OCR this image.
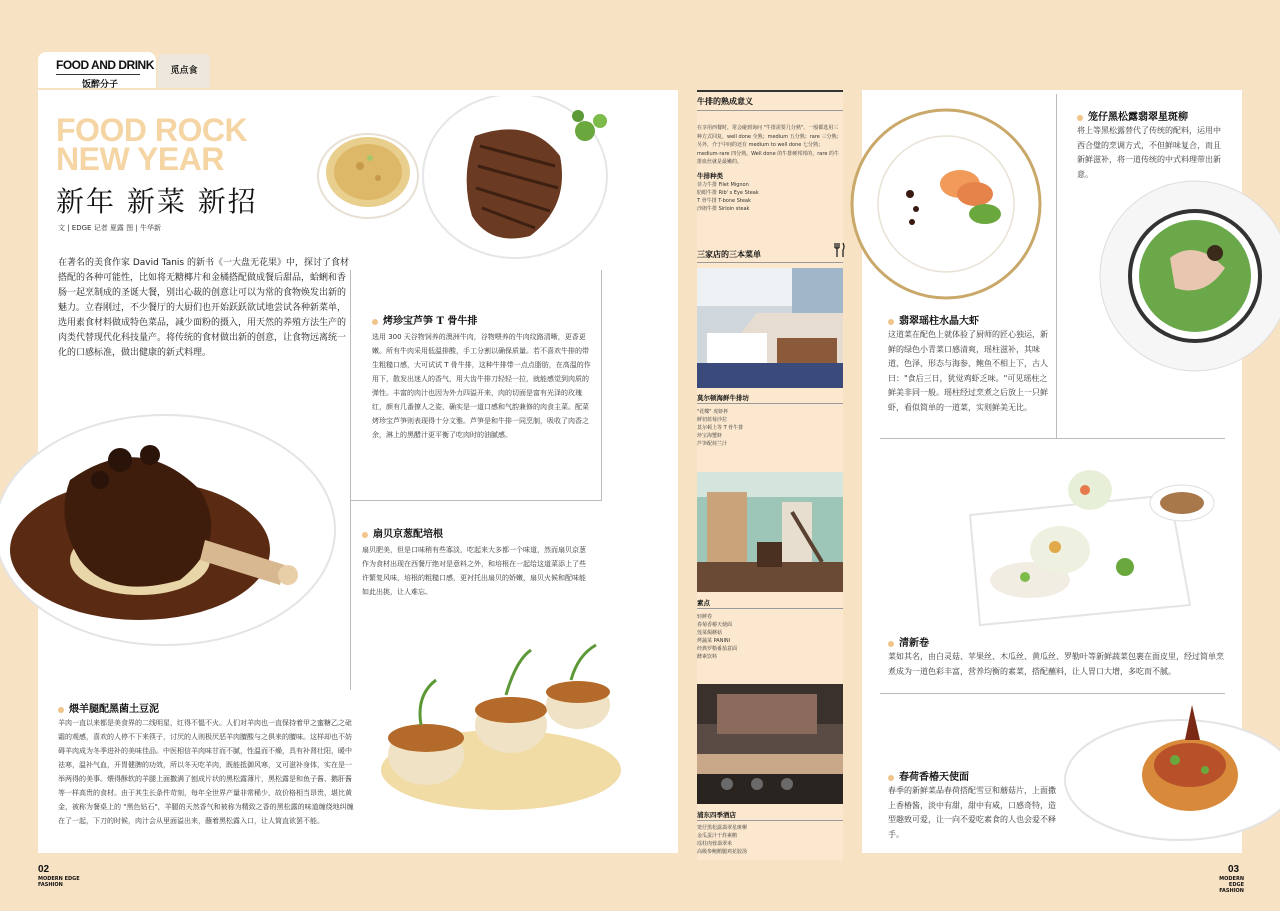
FOOD AND DRINK
饭醉分子
觅点食
FOOD ROCK
NEW YEAR
新年 新菜 新招
文 | EDGE 记者 夏露 图 | 牛华新
在著名的美食作家 David Tanis 的新书《一大盘无花果》中，探讨了食材搭配的各种可能性，比如将无糖椰片和金橘搭配做成餐后甜品，蛤蜊和香肠一起烹制成的圣诞大餐，别出心裁的创意让可以为常的食物焕发出新的魅力。立春刚过，不少餐厅的大厨们也开始跃跃欲试地尝试各种新菜单，选用素食材料做成特色菜品，减少面粉的摄入，用天然的养殖方法生产的肉类代替现代化科技量产。将传统的食材做出新的创意，让食物远离统一化的口感标准，做出健康的新式料理。
烤珍宝芦笋 T 骨牛排
选用 300 天谷物饲养的澳洲牛肉，谷物喂养的牛肉纹路清晰，更香更嫩。所有牛肉采用低温排酸，手工分割以确保质量。若不喜欢牛排的带生粗糙口感，大可试试 T 骨牛排，这种牛排带一点点脂肪，在高温的作用下，散发出迷人的香气，用大齿牛排刀轻轻一拉，就能感觉到肉质的弹性。丰富的肉汁也因为外力四溢开来，肉的切面是富有光泽的玫瑰红，颜有几番撩人之姿，确实是一道口感和气韵兼修的肉食主菜。配菜烤珍宝芦笋则表现得十分文雅。芦笋是和牛排一同烹制，吸收了肉香之余，淋上的黑醋汁更平衡了吃肉时的油腻感。
扇贝京葱配培根
扇贝肥美，但是口味稍有些寡淡，吃起来大多都一个味道，然而扇贝京葱作为食材出现在西餐厅绝对是意料之外，和培根在一起给这道菜添上了些许繁复风味，培根的粗糙口感，更衬托出扇贝的娇嫩，扇贝火候和配味能如此出挑，让人难忘。
煨羊腿配黑菌土豆泥
羊肉一直以来都是美食界的二线明星，红得不愠不火。人们对羊肉也一直保持着甲之蜜糖乙之砒霜的观感，喜欢的人停不下来筷子，讨厌的人则极厌恶羊肉膻酸与之俱来的膻味。这样却也不妨碍羊肉成为冬季进补的美味佳品。中医相信羊肉味甘而不腻，性温而不燥，具有补肾壮阳，暖中祛寒，温补气血，开胃健脾的功效，所以冬天吃羊肉，既能抵御风寒，又可滋补身体，实在是一举两得的美事。煨得酥软的羊腿上面撒满了刨成片状的黑松露薄片，黑松露是和鱼子酱、鹅肝酱等一样高贵的食材。由于其生长条件苛刻，每年全世界产量非常稀少，故价格相当昂贵，堪比黄金，被称为餐桌上的 "黑色钻石"，羊腿的天然香气和被称为精致之香的黑松露的味道缠绕地纠缠在了一起，下刀的时候，肉汁会从里面溢出来，蘸着黑松露入口，让人简直欲罢不能。
牛排的熟成意义
在享用西餐时，常会碰到询问 "牛排需要几分熟"，一般都选用三种方式回复，well done 全熟；medium 五分熟；rare 三分熟；另外，介于中间的还有 medium to well done 七分熟；medium-rare 四分熟。Well done 的牛排硬邦邦的，rare 的牛排血丝就是最嫩的。
牛排种类
菲力牛排 Filet Mignon
肋眼牛排 Rib' s Eye Steak
T 骨牛排 T-bone Steak
沙朗牛排 Sirloin steak
三家店的三本菜单
莫尔顿海鲜牛排坊
"花蝶" 虎虾杯
鲜切蓝莓沙拉
莫尔顿上等 T 骨牛排
珍宝海蟹虾
芦笋配荷兰汁
素点
轻鲜卷
春菊香椿天使面
莲菜焗蘑菇
烤蔬菜 PANINI
经典罗勒番茄意面
酵素饮料
浦东四季酒店
笼仔黑松露翡翠星斑柳
金瓜蛋汁干炸素鹅
瑶柱肉蓉翡翠米
高级参鲍鹅腿鸡花胶汤
笼仔黑松露翡翠星斑柳
将上等黑松露替代了传统的配料，运用中西合璧的烹调方式，不但鲜味复合，而且新鲜滋补，将一道传统的中式料理带出新意。
翡翠瑶柱水晶大虾
这道菜在配色上就体验了厨师的匠心独运，新鲜的绿色小青菜口感清爽，瑶柱滋补，其味道、色泽、形态与海参、鲍鱼不相上下，古人曰："食后三日，犹觉鸡虾乏味。"可见瑶柱之鲜美非同一般。瑶柱经过烹煮之后放上一只鲜虾，看似简单的一道菜，实则鲜美无比。
清新卷
菜如其名，由白灵菇、苹果丝、木瓜丝、黄瓜丝、罗勒叶等新鲜蔬菜包裹在面皮里，经过简单烹煮成为一道色彩丰富，营养均衡的素菜，搭配蘸料，让人胃口大增，多吃而不腻。
春荷香椿天使面
春季的新鲜菜品春荷搭配雪豆和蘑菇片，上面撒上香椿酱，淡中有甜，甜中有咸，口感奇特，造型趣致可爱，让一向不爱吃素食的人也会爱不释手。
02
MODERN EDGE
FASHION
03
MODERN EDGE
FASHION
